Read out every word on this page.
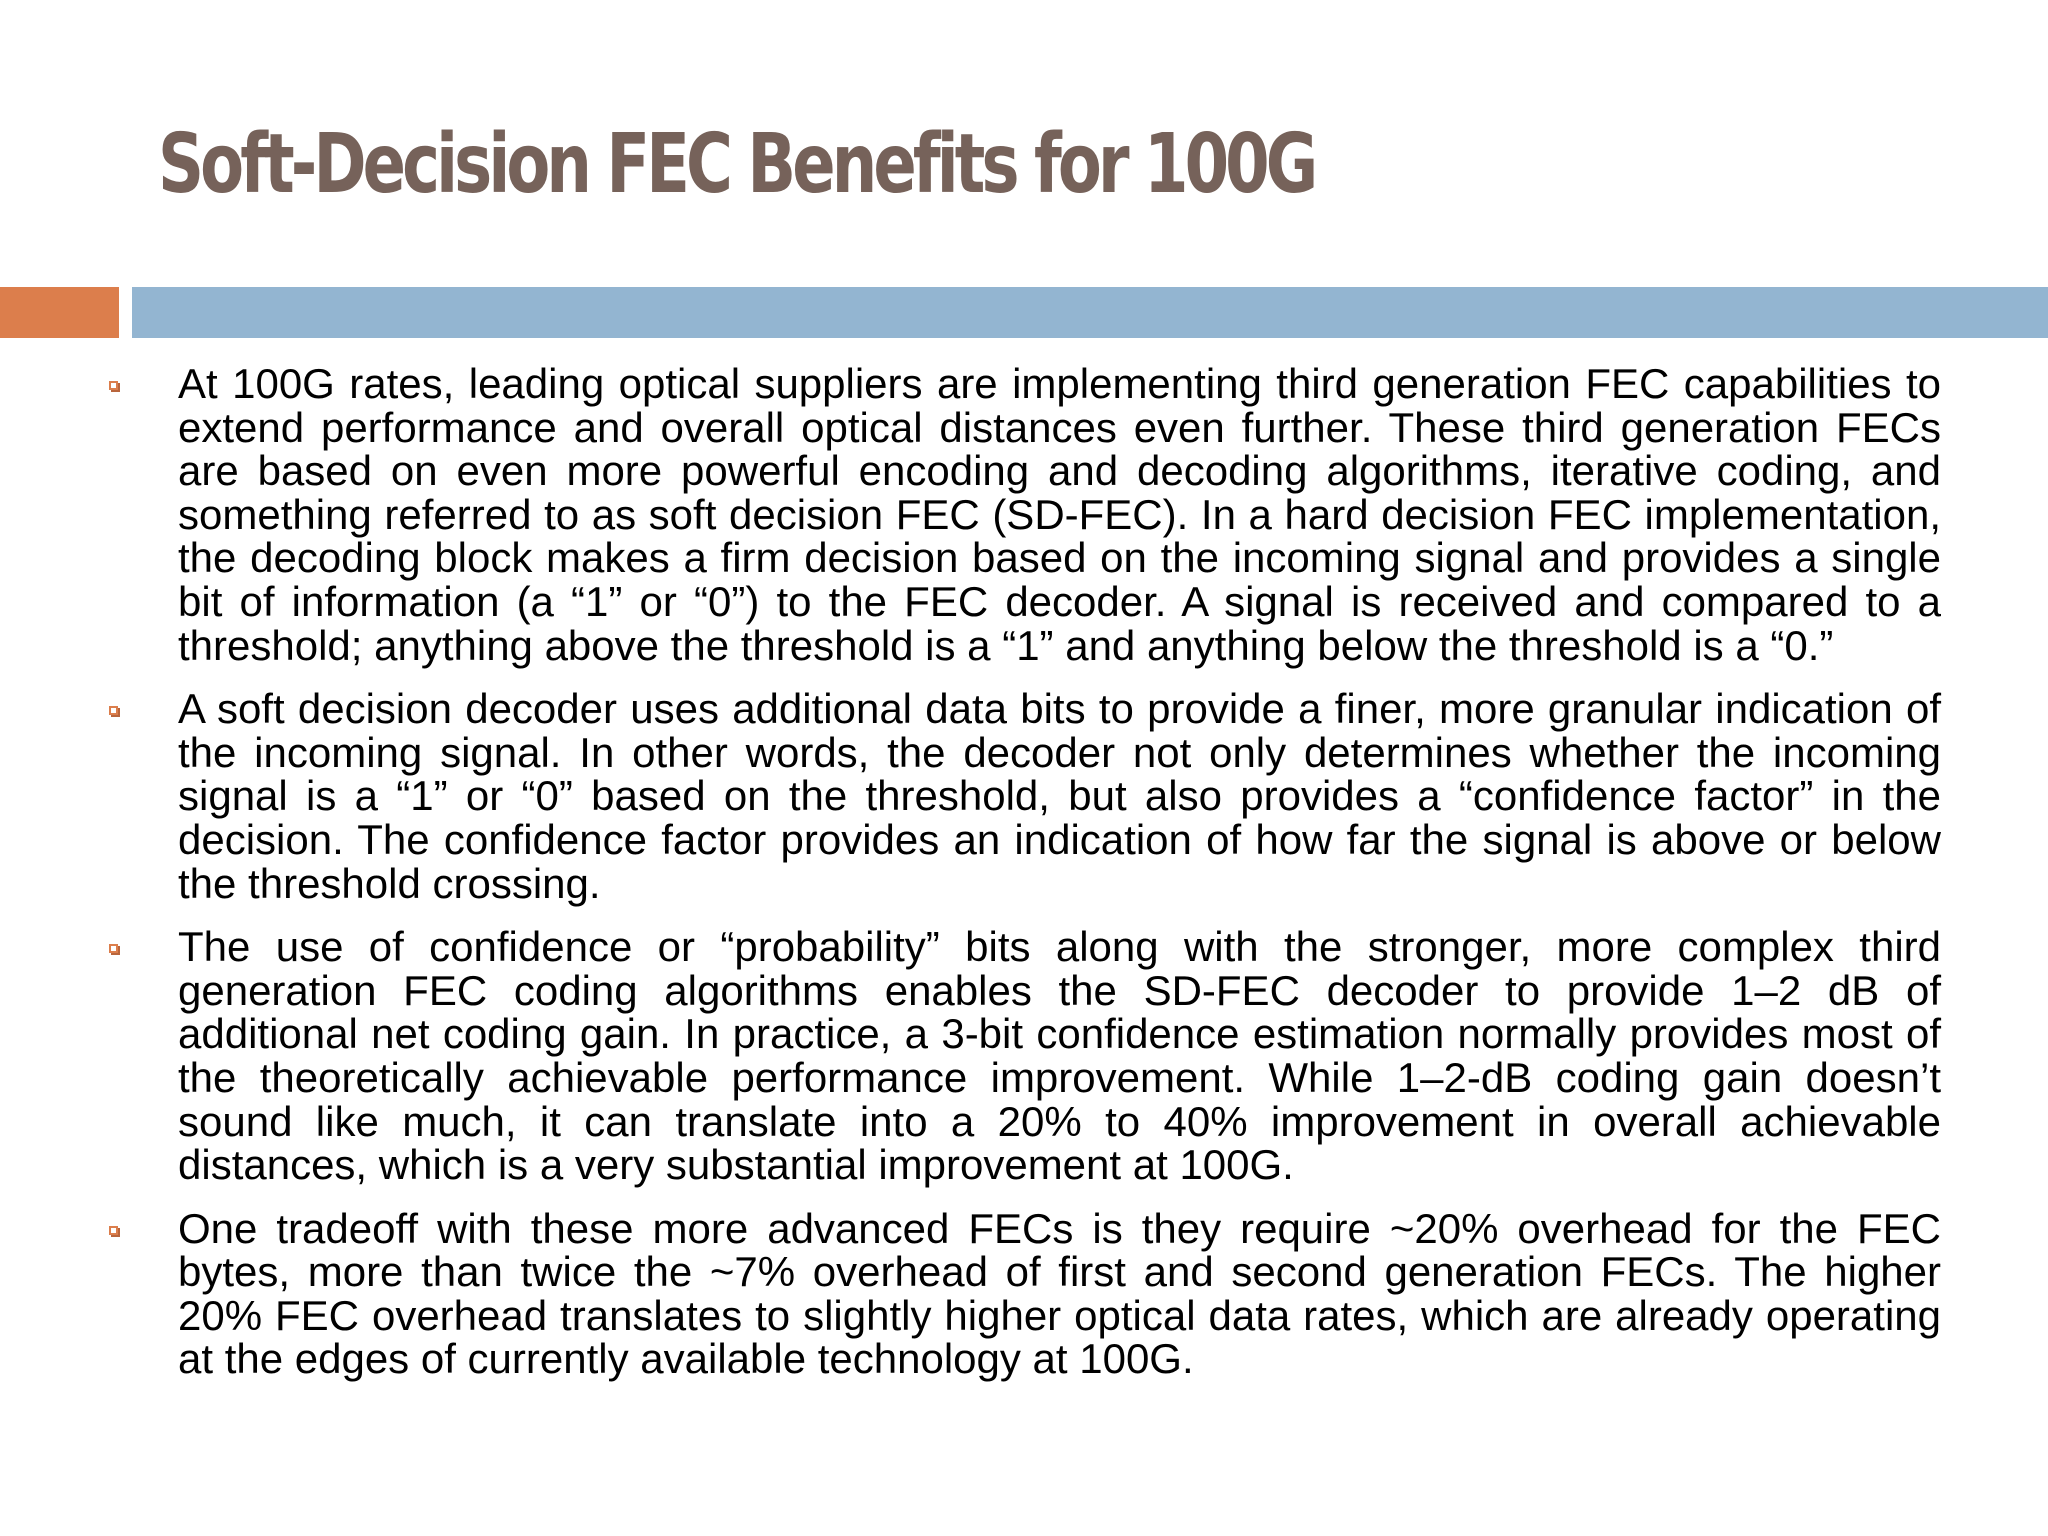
Soft-Decision FEC Benefits for 100G

At 100G rates, leading optical suppliers are implementing third generation FEC capabilities to extend performance and overall optical distances even further. These third generation FECs are based on even more powerful encoding and decoding algorithms, iterative coding, and something referred to as soft decision FEC (SD-FEC). In a hard decision FEC implementation, the decoding block makes a firm decision based on the incoming signal and provides a single bit of information (a “1” or “0”) to the FEC decoder. A signal is received and compared to a threshold; anything above the threshold is a “1” and anything below the threshold is a “0.”

A soft decision decoder uses additional data bits to provide a finer, more granular indication of the incoming signal. In other words, the decoder not only determines whether the incoming signal is a “1” or “0” based on the threshold, but also provides a “confidence factor” in the decision. The confidence factor provides an indication of how far the signal is above or below the threshold crossing.

The use of confidence or “probability” bits along with the stronger, more complex third generation FEC coding algorithms enables the SD-FEC decoder to provide 1–2 dB of additional net coding gain. In practice, a 3-bit confidence estimation normally provides most of the theoretically achievable performance improvement. While 1–2-dB coding gain doesn’t sound like much, it can translate into a 20% to 40% improvement in overall achievable distances, which is a very substantial improvement at 100G.

One tradeoff with these more advanced FECs is they require ~20% overhead for the FEC bytes, more than twice the ~7% overhead of first and second generation FECs. The higher 20% FEC overhead translates to slightly higher optical data rates, which are already operating at the edges of currently available technology at 100G.
